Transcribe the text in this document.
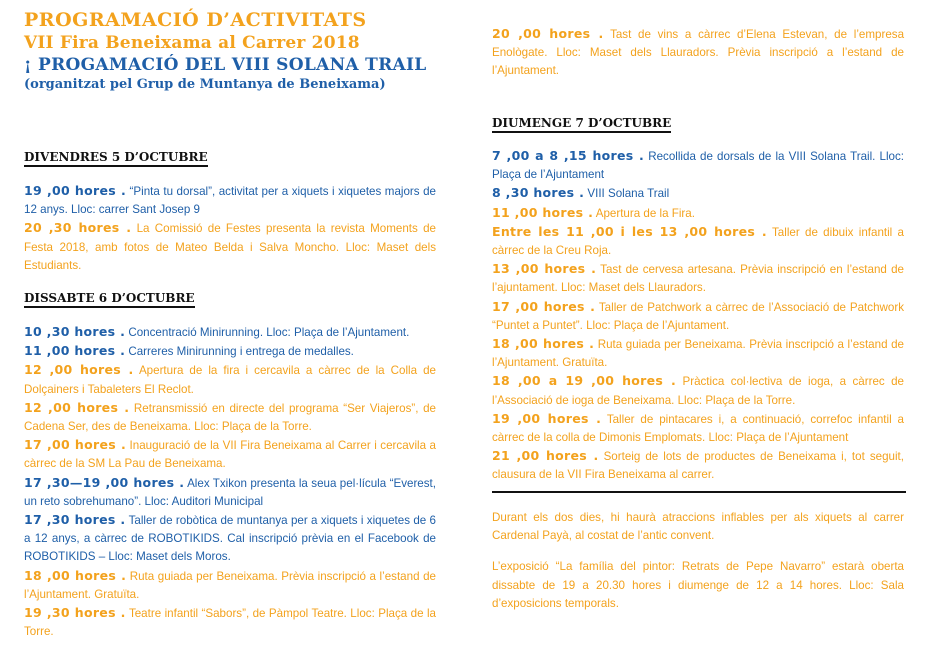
PROGRAMACIÓ D’ACTIVITATS
VII Fira Beneixama al Carrer 2018
¡ PROGAMACIÓ DEL VIII SOLANA TRAIL
(organitzat pel Grup de Muntanya de Beneixama)
DIVENDRES 5 D’OCTUBRE

19 ,00 hores . “Pinta tu dorsal”, activitat per a xiquets i xiquetes majors de 12 anys. Lloc: carrer Sant Josep 9

20 ,30 hores . La Comissió de Festes presenta la revista Moments de Festa 2018, amb fotos de Mateo Belda i Salva Moncho. Lloc: Maset dels Estudiants.

DISSABTE 6 D’OCTUBRE

10 ,30 hores . Concentració Minirunning. Lloc: Plaça de l’Ajuntament.

11 ,00 hores . Carreres Minirunning i entrega de medalles.

12 ,00 hores . Apertura de la fira i cercavila a càrrec de la Colla de Dolçainers i Tabaleters El Reclot.

12 ,00 hores . Retransmissió en directe del programa “Ser Viajeros”, de Cadena Ser, des de Beneixama. Lloc: Plaça de la Torre.

17 ,00 hores . Inauguració de la VII Fira Beneixama al Carrer i cercavila a càrrec de la SM La Pau de Beneixama.

17 ,30—19 ,00 hores . Alex Txikon presenta la seua pel·lícula “Everest, un reto sobrehumano”. Lloc: Auditori Municipal

17 ,30 hores . Taller de robòtica de muntanya per a xiquets i xiquetes de 6 a 12 anys, a càrrec de ROBOTIKIDS. Cal inscripció prèvia en el Facebook de ROBOTIKIDS – Lloc: Maset dels Moros.

18 ,00 hores . Ruta guiada per Beneixama. Prèvia inscripció a l’estand de l’Ajuntament. Gratuïta.

19 ,30 hores . Teatre infantil “Sabors”, de Pàmpol Teatre. Lloc: Plaça de la Torre.

20 ,00 hores . Tast de vins a càrrec d’Elena Estevan, de l’empresa Enològate. Lloc: Maset dels Llauradors. Prèvia inscripció a l’estand de l’Ajuntament.

DIUMENGE 7 D’OCTUBRE

7 ,00 a 8 ,15 hores . Recollida de dorsals de la VIII Solana Trail. Lloc: Plaça de l’Ajuntament

8 ,30 hores . VIII Solana Trail

11 ,00 hores . Apertura de la Fira.

Entre les 11 ,00 i les 13 ,00 hores . Taller de dibuix infantil a càrrec de la Creu Roja.

13 ,00 hores . Tast de cervesa artesana. Prèvia inscripció en l’estand de l’ajuntament. Lloc: Maset dels Llauradors.

17 ,00 hores . Taller de Patchwork a càrrec de l’Associació de Patchwork “Puntet a Puntet”. Lloc: Plaça de l’Ajuntament.

18 ,00 hores . Ruta guiada per Beneixama. Prèvia inscripció a l’estand de l’Ajuntament. Gratuïta.

18 ,00 a 19 ,00 hores . Pràctica col·lectiva de ioga, a càrrec de l’Associació de ioga de Beneixama. Lloc: Plaça de la Torre.

19 ,00 hores . Taller de pintacares i, a continuació, correfoc infantil a càrrec de la colla de Dimonis Emplomats. Lloc: Plaça de l’Ajuntament

21 ,00 hores . Sorteig de lots de productes de Beneixama i, tot seguit, clausura de la VII Fira Beneixama al carrer.

Durant els dos dies, hi haurà atraccions inflables per als xiquets al carrer Cardenal Payà, al costat de l’antic convent.

L’exposició “La família del pintor: Retrats de Pepe Navarro” estarà oberta dissabte de 19 a 20.30 hores i diumenge de 12 a 14 hores. Lloc: Sala d’exposicions temporals.
